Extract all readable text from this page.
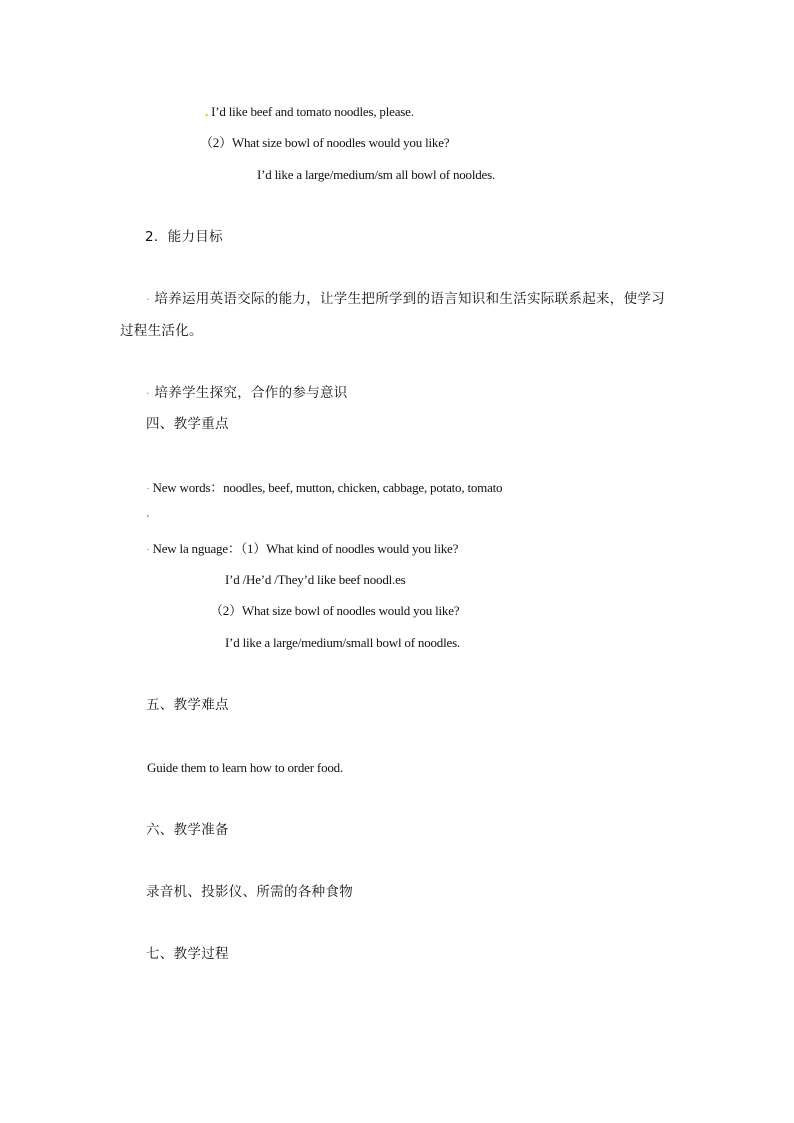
. I’d like beef and tomato noodles, please.
（2）What size bowl of noodles would you like?
I’d like a large/medium/sm all bowl of nooldes.
2．能力目标
· 培养运用英语交际的能力，让学生把所学到的语言知识和生活实际联系起来，使学习
过程生活化。
· 培养学生探究，合作的参与意识
四、教学重点
· New words：noodles, beef, mutton, chicken, cabbage, potato, tomato
'
· New la nguage：（1）What kind of noodles would you like?
I’d /He’d /They’d like beef noodl.es
（2）What size bowl of noodles would you like?
I’d like a large/medium/small bowl of noodles.
五、教学难点
Guide them to learn how to order food.
六、教学准备
录音机、投影仪、所需的各种食物
七、教学过程
